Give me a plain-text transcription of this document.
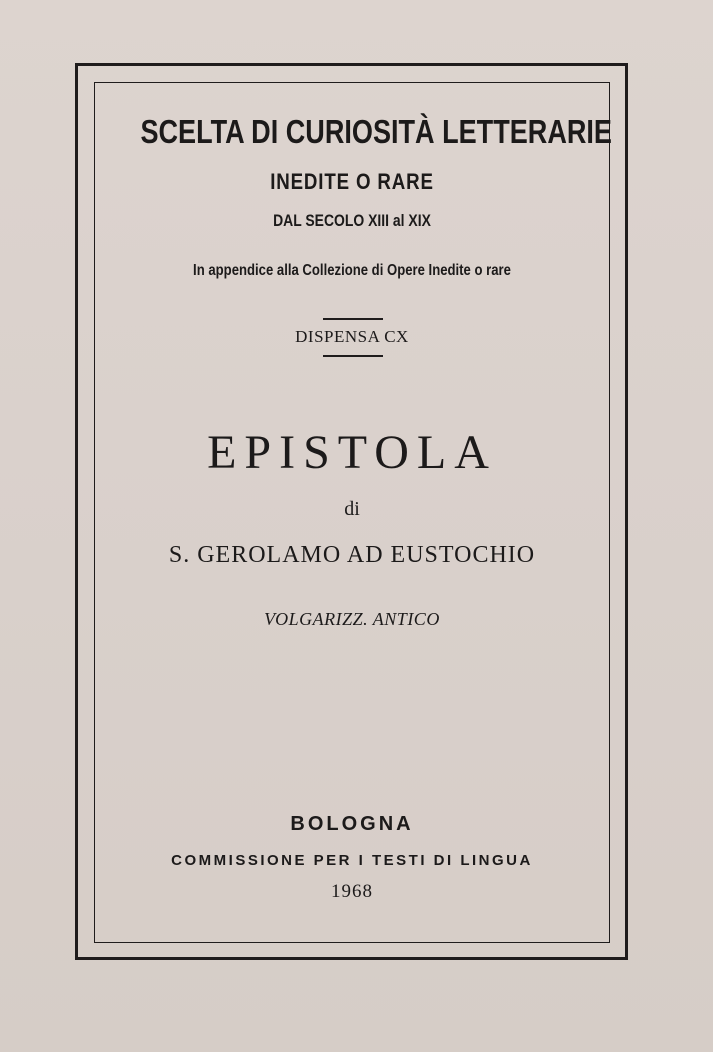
SCELTA DI CURIOSITÀ LETTERARIE
INEDITE O RARE
DAL SECOLO XIII al XIX
In appendice alla Collezione di Opere Inedite o rare
DISPENSA CX
EPISTOLA
di
S. GEROLAMO AD EUSTOCHIO
VOLGARIZZ. ANTICO
BOLOGNA
COMMISSIONE PER I TESTI DI LINGUA
1968
